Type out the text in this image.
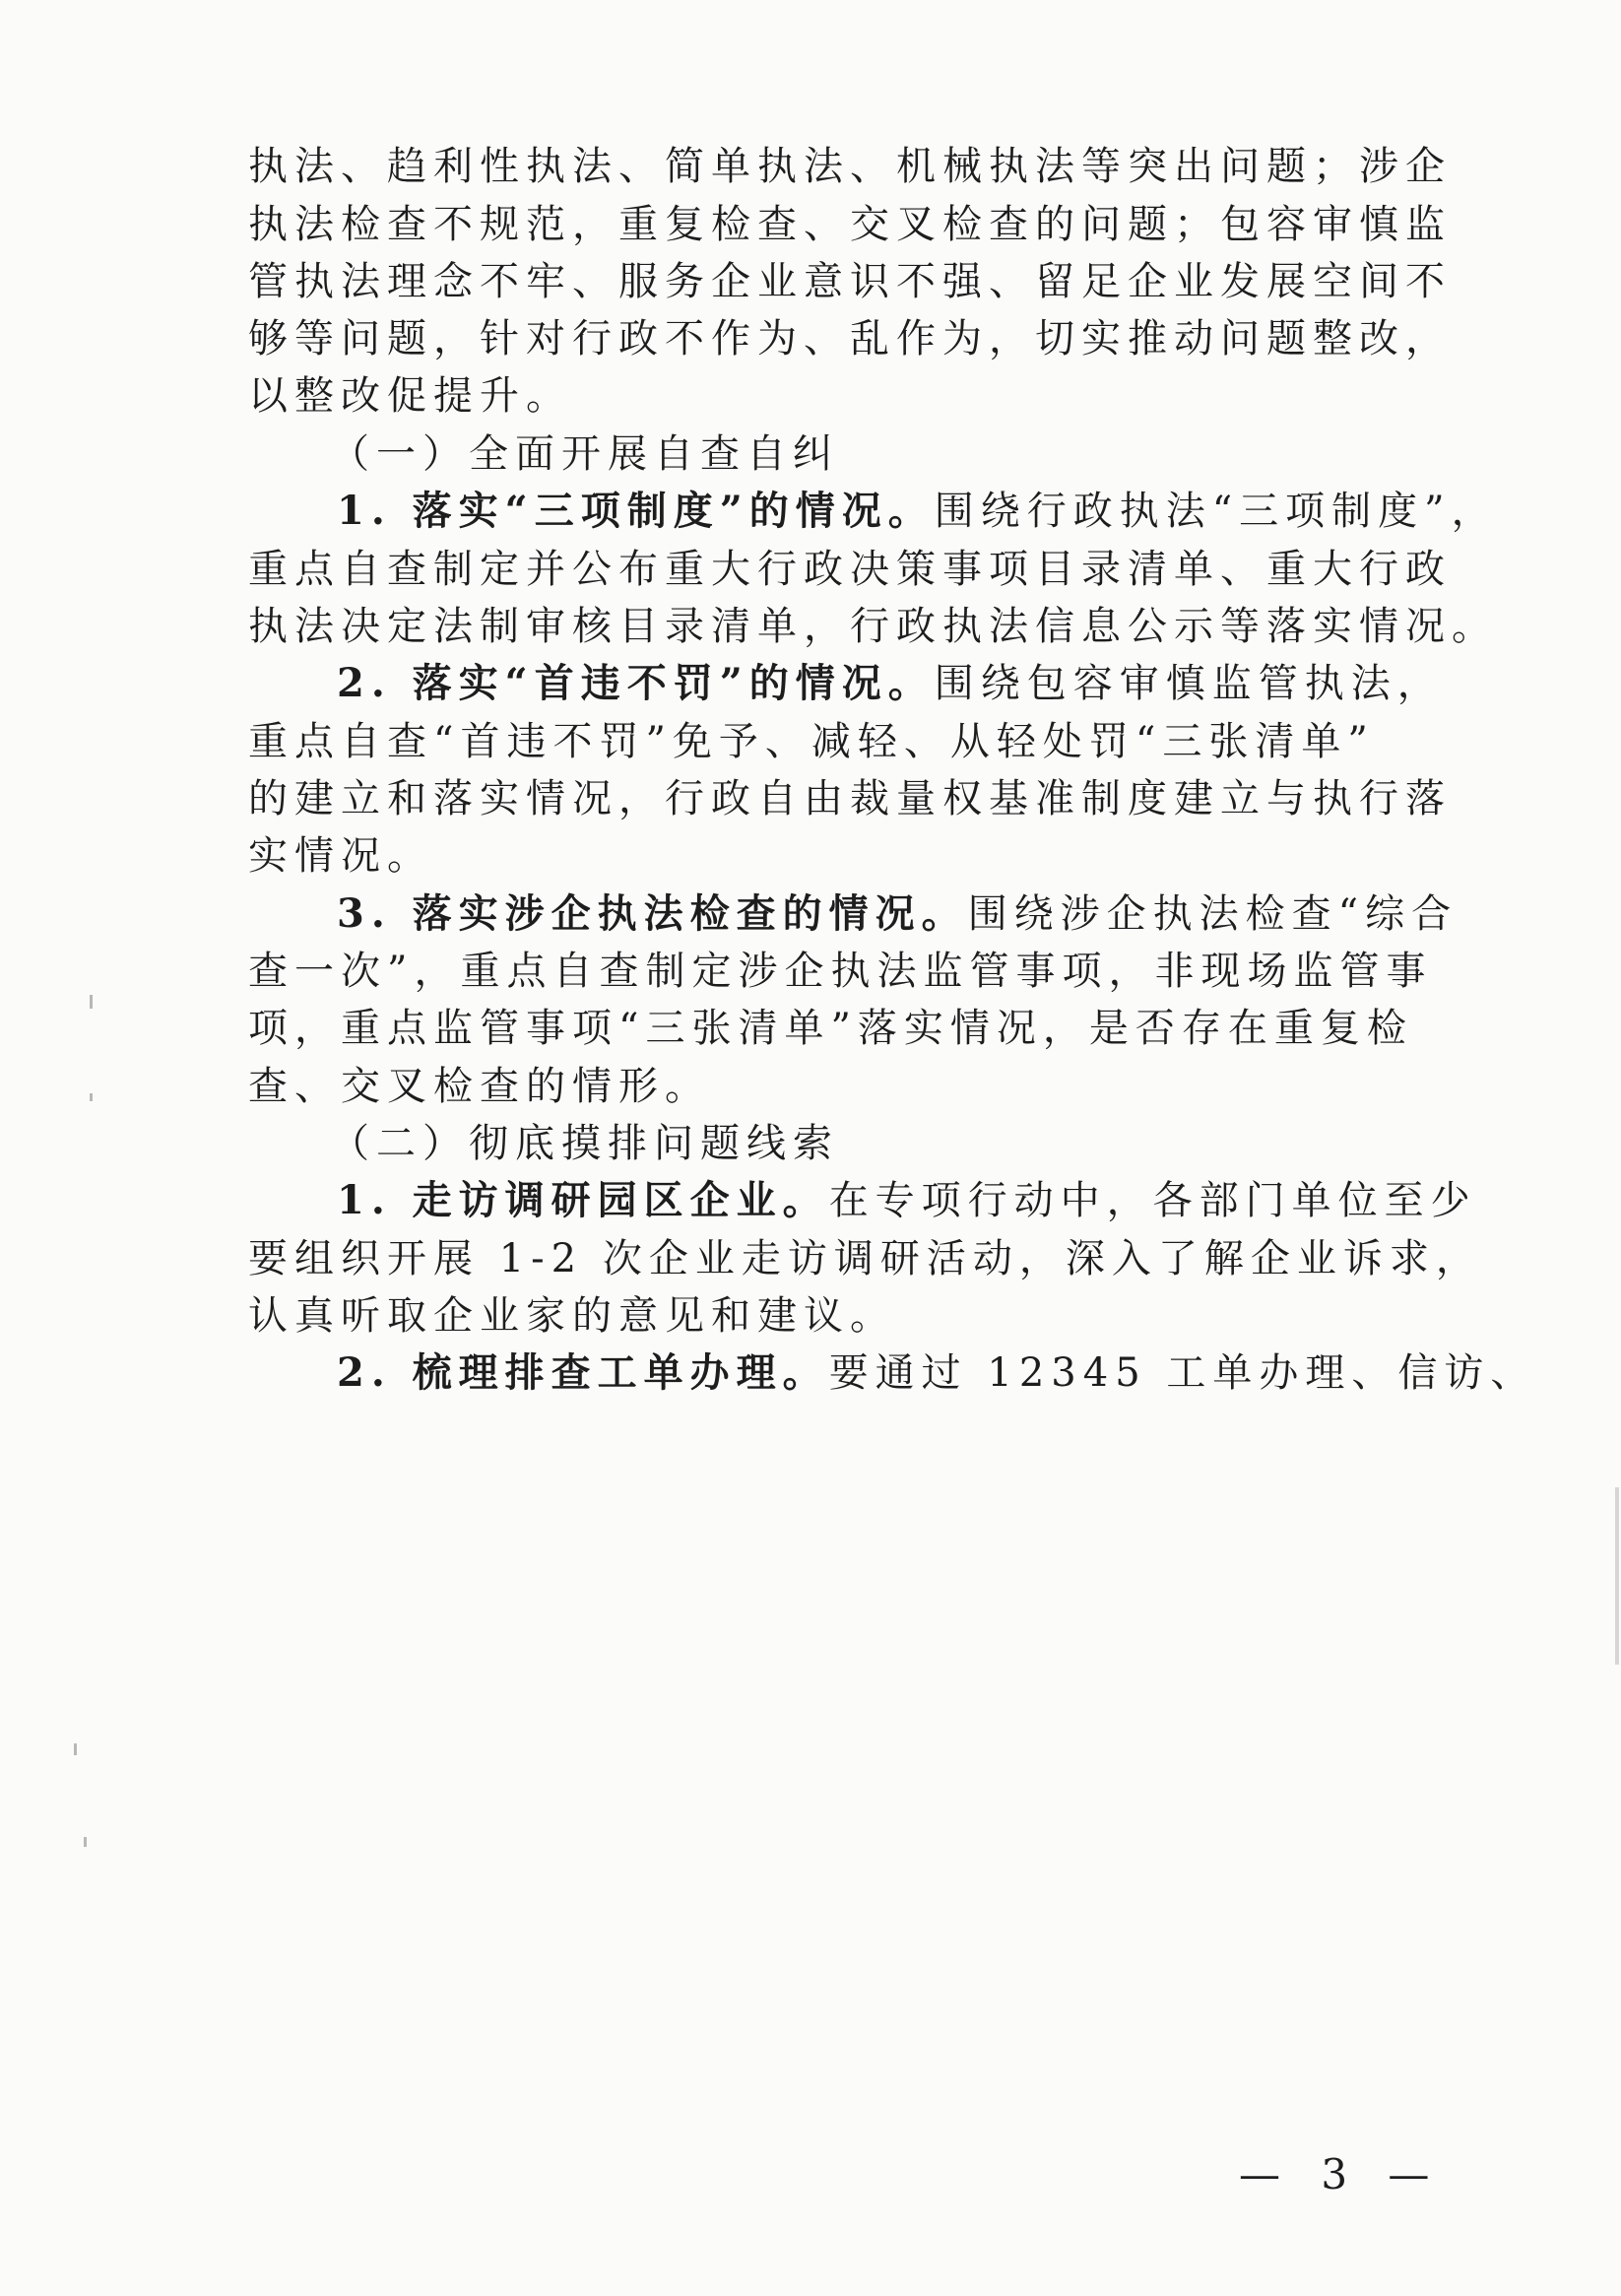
执法、趋利性执法、简单执法、机械执法等突出问题；涉企
执法检查不规范，重复检查、交叉检查的问题；包容审慎监
管执法理念不牢、服务企业意识不强、留足企业发展空间不
够等问题，针对行政不作为、乱作为，切实推动问题整改，
以整改促提升。
（一）全面开展自查自纠
1. 落实“三项制度”的情况。围绕行政执法“三项制度”，
重点自查制定并公布重大行政决策事项目录清单、重大行政
执法决定法制审核目录清单，行政执法信息公示等落实情况。
2. 落实“首违不罚”的情况。围绕包容审慎监管执法，
重点自查“首违不罚”免予、减轻、从轻处罚“三张清单”
的建立和落实情况，行政自由裁量权基准制度建立与执行落
实情况。
3. 落实涉企执法检查的情况。围绕涉企执法检查“综合
查一次”，重点自查制定涉企执法监管事项，非现场监管事
项，重点监管事项“三张清单”落实情况，是否存在重复检
查、交叉检查的情形。
（二）彻底摸排问题线索
1. 走访调研园区企业。在专项行动中，各部门单位至少
要组织开展 1-2 次企业走访调研活动，深入了解企业诉求，
认真听取企业家的意见和建议。
2. 梳理排查工单办理。要通过 12345 工单办理、信访、
— 3 —
